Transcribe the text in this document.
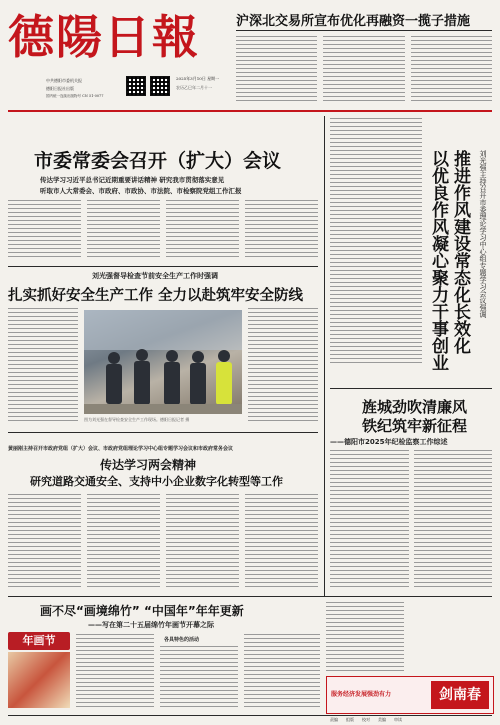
德陽日報
中共德阳市委机关报
德阳日报社出版
国内统一连续出版物号 CN 51-0077
2025年3月10日 星期一
农历乙巳年二月十一
沪深北交易所宣布优化再融资一揽子措施
市委常委会召开（扩大）会议
传达学习习近平总书记近期重要讲话精神 研究我市贯彻落实意见
听取市人大常委会、市政府、市政协、市法院、市检察院党组工作汇报
刘光强督导检查节前安全生产工作时强调
扎实抓好安全生产工作 全力以赴筑牢安全防线
图为刘光强在督导检查安全生产工作现场。德阳日报记者 摄
黄丽刚主持召开市政府党组（扩大）会议、市政府党组理论学习中心组专题学习会议和市政府常务会议
传达学习两会精神
研究道路交通安全、支持中小企业数字化转型等工作
刘光强主持召开市委理论学习中心组专题学习会议强调
推进作风建设常态化长效化
以优良作风凝心聚力干事创业
旌城劲吹清廉风
铁纪筑牢新征程
——德阳市2025年纪检监察工作综述
画不尽“画境绵竹” “中国年”年年更新
——写在第二十五届绵竹年画节开幕之际
年画节	各具特色的活动
服务经济发展强劲有力	剑南春
责编 组版 校对 美编 审读
